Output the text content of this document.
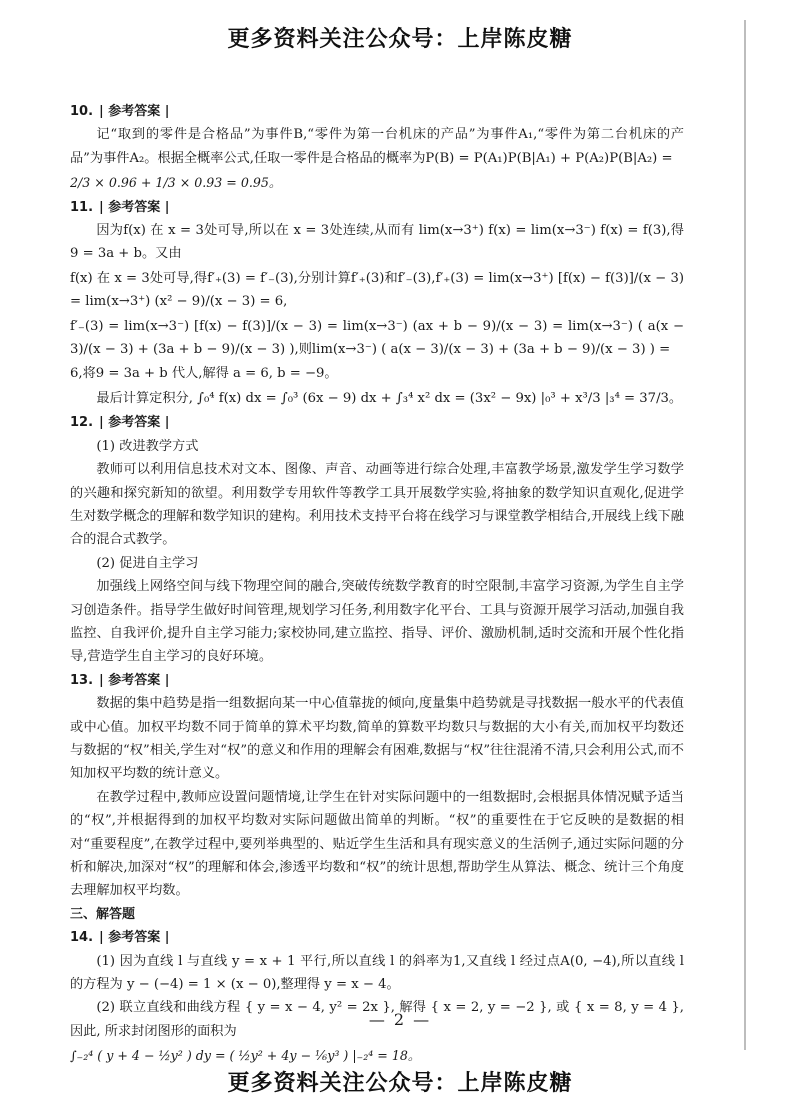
更多资料关注公众号：上岸陈皮糖
10. | 参考答案 |

记“取到的零件是合格品”为事件B,“零件为第一台机床的产品”为事件A₁,“零件为第二台机床的产品”为事件A₂。根据全概率公式,任取一零件是合格品的概率为P(B) = P(A₁)P(B|A₁) + P(A₂)P(B|A₂) =

2/3 × 0.96 + 1/3 × 0.93 = 0.95。

11. | 参考答案 |

因为f(x) 在 x = 3处可导,所以在 x = 3处连续,从而有 lim(x→3⁺) f(x) = lim(x→3⁻) f(x) = f(3),得9 = 3a + b。又由

f(x) 在 x = 3处可导,得f′₊(3) = f′₋(3),分别计算f′₊(3)和f′₋(3),f′₊(3) = lim(x→3⁺) [f(x) − f(3)]/(x − 3) = lim(x→3⁺) (x² − 9)/(x − 3) = 6,

f′₋(3) = lim(x→3⁻) [f(x) − f(3)]/(x − 3) = lim(x→3⁻) (ax + b − 9)/(x − 3) = lim(x→3⁻) ( a(x − 3)/(x − 3) + (3a + b − 9)/(x − 3) ),则lim(x→3⁻) ( a(x − 3)/(x − 3) + (3a + b − 9)/(x − 3) ) =

6,将9 = 3a + b 代人,解得 a = 6, b = −9。

最后计算定积分, ∫₀⁴ f(x) dx = ∫₀³ (6x − 9) dx + ∫₃⁴ x² dx = (3x² − 9x) |₀³ + x³/3 |₃⁴ = 37/3。

12. | 参考答案 |

(1) 改进教学方式

教师可以利用信息技术对文本、图像、声音、动画等进行综合处理,丰富教学场景,激发学生学习数学的兴趣和探究新知的欲望。利用数学专用软件等教学工具开展数学实验,将抽象的数学知识直观化,促进学生对数学概念的理解和数学知识的建构。利用技术支持平台将在线学习与课堂教学相结合,开展线上线下融合的混合式教学。

(2) 促进自主学习

加强线上网络空间与线下物理空间的融合,突破传统数学教育的时空限制,丰富学习资源,为学生自主学习创造条件。指导学生做好时间管理,规划学习任务,利用数字化平台、工具与资源开展学习活动,加强自我监控、自我评价,提升自主学习能力;家校协同,建立监控、指导、评价、激励机制,适时交流和开展个性化指导,营造学生自主学习的良好环境。

13. | 参考答案 |

数据的集中趋势是指一组数据向某一中心值靠拢的倾向,度量集中趋势就是寻找数据一般水平的代表值或中心值。加权平均数不同于简单的算术平均数,简单的算数平均数只与数据的大小有关,而加权平均数还与数据的“权”相关,学生对“权”的意义和作用的理解会有困难,数据与“权”往往混淆不清,只会利用公式,而不知加权平均数的统计意义。

在教学过程中,教师应设置问题情境,让学生在针对实际问题中的一组数据时,会根据具体情况赋予适当的“权”,并根据得到的加权平均数对实际问题做出简单的判断。“权”的重要性在于它反映的是数据的相对“重要程度”,在教学过程中,要列举典型的、贴近学生生活和具有现实意义的生活例子,通过实际问题的分析和解决,加深对“权”的理解和体会,渗透平均数和“权”的统计思想,帮助学生从算法、概念、统计三个角度去理解加权平均数。

三、解答题
14. | 参考答案 |

(1) 因为直线 l 与直线 y = x + 1 平行,所以直线 l 的斜率为1,又直线 l 经过点A(0, −4),所以直线 l 的方程为 y − (−4) = 1 × (x − 0),整理得 y = x − 4。

(2) 联立直线和曲线方程 { y = x − 4, y² = 2x }, 解得 { x = 2, y = −2 }, 或 { x = 8, y = 4 }, 因此, 所求封闭图形的面积为

∫₋₂⁴ ( y + 4 − ½y² ) dy = ( ½y² + 4y − ⅙y³ ) |₋₂⁴ = 18。

— 2 —
更多资料关注公众号：上岸陈皮糖
